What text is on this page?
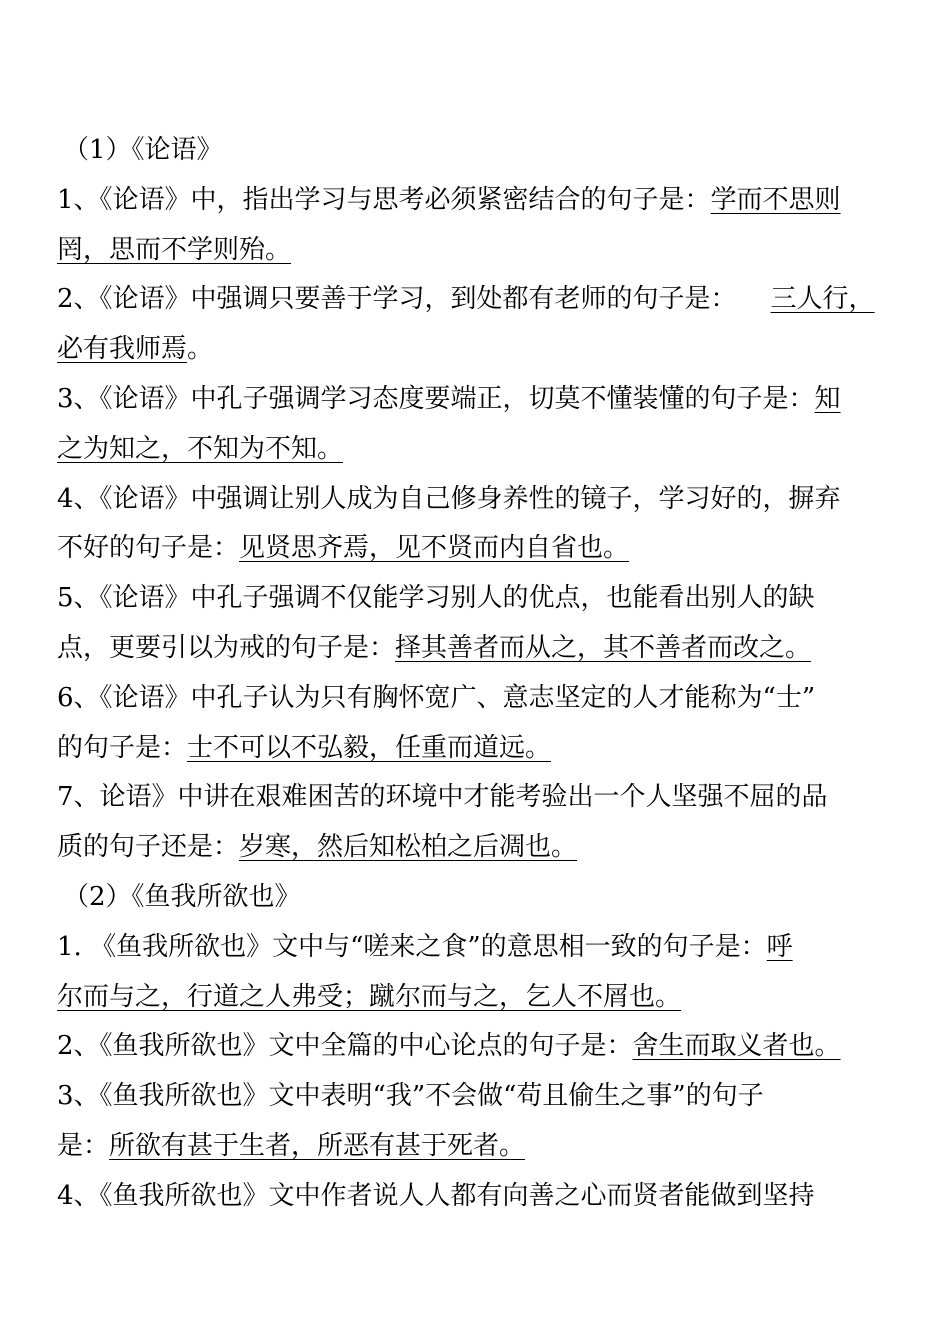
（1）《论语》
1、《论语》中，指出学习与思考必须紧密结合的句子是：学而不思则
罔，思而不学则殆。
2、《论语》中强调只要善于学习，到处都有老师的句子是： 三人行，
必有我师焉。
3、《论语》中孔子强调学习态度要端正，切莫不懂装懂的句子是：知
之为知之，不知为不知。
4、《论语》中强调让别人成为自己修身养性的镜子，学习好的，摒弃
不好的句子是：见贤思齐焉，见不贤而内自省也。
5、《论语》中孔子强调不仅能学习别人的优点，也能看出别人的缺
点，更要引以为戒的句子是：择其善者而从之，其不善者而改之。
6、《论语》中孔子认为只有胸怀宽广、意志坚定的人才能称为“士”
的句子是：士不可以不弘毅，任重而道远。
7、论语》中讲在艰难困苦的环境中才能考验出一个人坚强不屈的品
质的句子还是：岁寒，然后知松柏之后凋也。
（2）《鱼我所欲也》
1. 《鱼我所欲也》文中与“嗟来之食”的意思相一致的句子是：呼
尔而与之，行道之人弗受；蹴尔而与之，乞人不屑也。
2、《鱼我所欲也》文中全篇的中心论点的句子是：舍生而取义者也。
3、《鱼我所欲也》文中表明“我”不会做“苟且偷生之事”的句子
是：所欲有甚于生者，所恶有甚于死者。
4、《鱼我所欲也》文中作者说人人都有向善之心而贤者能做到坚持
